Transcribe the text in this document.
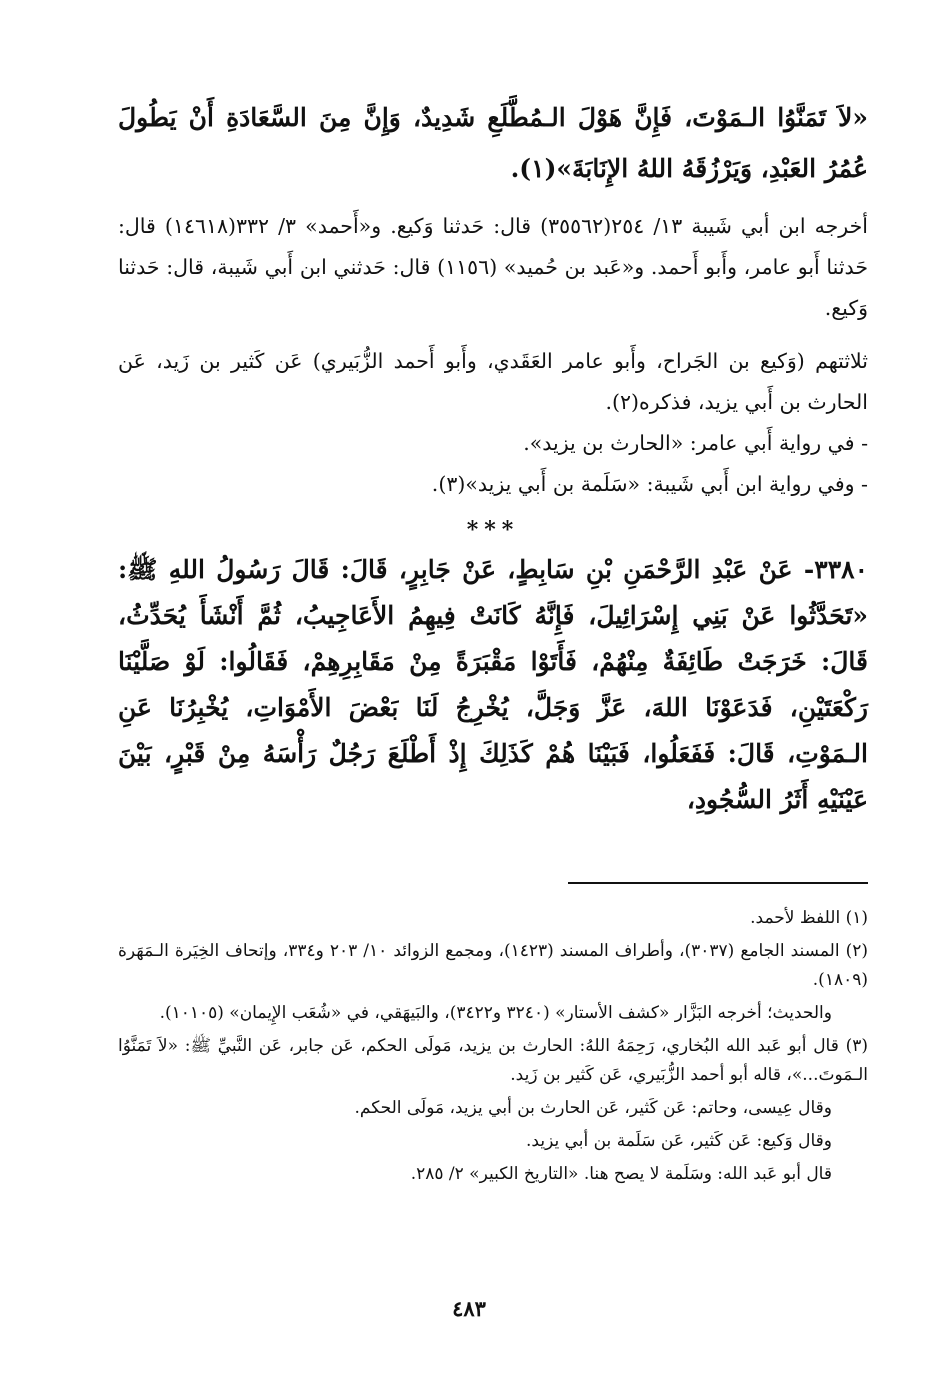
«لاَ تَمَنَّوُا الـمَوْتَ، فَإِنَّ هَوْلَ الـمُطَّلَعِ شَدِيدٌ، وَإِنَّ مِنَ السَّعَادَةِ أَنْ يَطُولَ عُمُرُ العَبْدِ، وَيَرْزُقَهُ اللهُ الإِنَابَةَ»(١).

أخرجه ابن أبي شَيبة ١٣/ ٢٥٤(٣٥٥٦٢) قال: حَدثنا وَكيع. و«أَحمد» ٣/ ٣٣٢(١٤٦١٨) قال: حَدثنا أَبو عامر، وأَبو أَحمد. و«عَبد بن حُميد» (١١٥٦) قال: حَدثني ابن أَبي شَيبة، قال: حَدثنا وَكيع.

ثلاثتهم (وَكيع بن الجَراح، وأَبو عامر العَقَدي، وأَبو أَحمد الزُّبَيري) عَن كَثير بن زَيد، عَن الحارث بن أَبي يزيد، فذكره(٢).

- في رواية أَبي عامر: «الحارث بن يزيد».

- وفي رواية ابن أَبي شَيبة: «سَلَمة بن أَبي يزيد»(٣).

***

٣٣٨٠- عَنْ عَبْدِ الرَّحْمَنِ بْنِ سَابِطٍ، عَنْ جَابِرٍ، قَالَ: قَالَ رَسُولُ اللهِ ﷺ: «تَحَدَّثُوا عَنْ بَنِي إِسْرَائِيلَ، فَإِنَّهُ كَانَتْ فِيهِمُ الأَعَاجِيبُ، ثُمَّ أَنْشَأَ يُحَدِّثُ، قَالَ: خَرَجَتْ طَائِفَةٌ مِنْهُمْ، فَأَتَوْا مَقْبَرَةً مِنْ مَقَابِرِهِمْ، فَقَالُوا: لَوْ صَلَّيْنَا رَكْعَتَيْنِ، فَدَعَوْنَا اللهَ، عَزَّ وَجَلَّ، يُخْرِجُ لَنَا بَعْضَ الأَمْوَاتِ، يُخْبِرُنَا عَنِ الـمَوْتِ، قَالَ: فَفَعَلُوا، فَبَيْنَا هُمْ كَذَلِكَ إِذْ أَطْلَعَ رَجُلٌ رَأْسَهُ مِنْ قَبْرٍ، بَيْنَ عَيْنَيْهِ أَثَرُ السُّجُودِ،

(١) اللفظ لأحمد.

(٢) المسند الجامع (٣٠٣٧)، وأطراف المسند (١٤٢٣)، ومجمع الزوائد ١٠/ ٢٠٣ و٣٣٤، وإتحاف الخِيَرة الـمَهَرة (١٨٠٩).

والحديث؛ أخرجه البَزَّار «كشف الأستار» (٣٢٤٠ و٣٤٢٢)، والبَيهَقي، في «شُعَب الإِيمان» (١٠١٠٥).

(٣) قال أبو عَبد الله البُخاري، رَحِمَهُ اللهُ: الحارث بن يزيد، مَولَى الحكم، عَن جابر، عَن النَّبيِّ ﷺ: «لاَ تَمَنَّوُا الـمَوتَ...»، قاله أبو أحمد الزُّبَيري، عَن كَثير بن زَيد.

وقال عِيسى، وحاتم: عَن كَثير، عَن الحارث بن أبي يزيد، مَولَى الحكم.

وقال وَكيع: عَن كَثير، عَن سَلَمة بن أبي يزيد.

قال أبو عَبد الله: وسَلَمة لا يصح هنا. «التاريخ الكبير» ٢/ ٢٨٥.

٤٨٣
